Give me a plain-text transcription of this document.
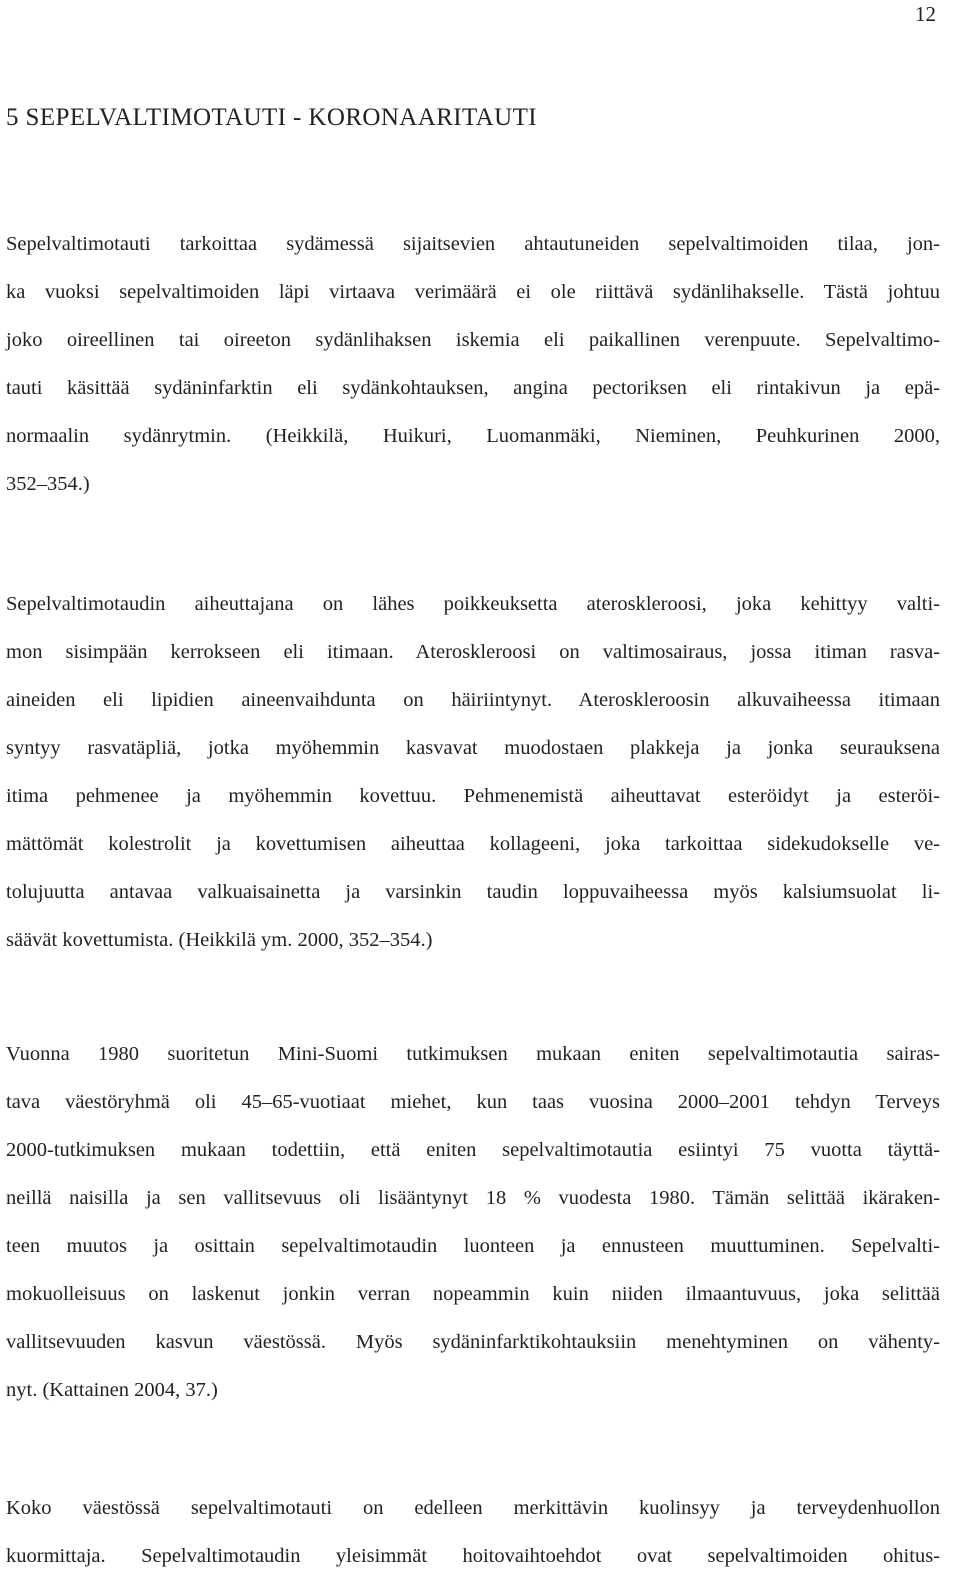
12
5 SEPELVALTIMOTAUTI - KORONAARITAUTI
Sepelvaltimotauti tarkoittaa sydämessä sijaitsevien ahtautuneiden sepelvaltimoiden tilaa, jon-
ka vuoksi sepelvaltimoiden läpi virtaava verimäärä ei ole riittävä sydänlihakselle. Tästä johtuu
joko oireellinen tai oireeton sydänlihaksen iskemia eli paikallinen verenpuute. Sepelvaltimo-
tauti käsittää sydäninfarktin eli sydänkohtauksen, angina pectoriksen eli rintakivun ja epä-
normaalin sydänrytmin. (Heikkilä, Huikuri, Luomanmäki, Nieminen, Peuhkurinen 2000,
352–354.)
Sepelvaltimotaudin aiheuttajana on lähes poikkeuksetta ateroskleroosi, joka kehittyy valti-
mon sisimpään kerrokseen eli itimaan. Ateroskleroosi on valtimosairaus, jossa itiman rasva-
aineiden eli lipidien aineenvaihdunta on häiriintynyt. Ateroskleroosin alkuvaiheessa itimaan
syntyy rasvatäpliä, jotka myöhemmin kasvavat muodostaen plakkeja ja jonka seurauksena
itima pehmenee ja myöhemmin kovettuu. Pehmenemistä aiheuttavat esteröidyt ja esteröi-
mättömät kolestrolit ja kovettumisen aiheuttaa kollageeni, joka tarkoittaa sidekudokselle ve-
tolujuutta antavaa valkuaisainetta ja varsinkin taudin loppuvaiheessa myös kalsiumsuolat li-
säävät kovettumista. (Heikkilä ym. 2000, 352–354.)
Vuonna 1980 suoritetun Mini-Suomi tutkimuksen mukaan eniten sepelvaltimotautia sairas-
tava väestöryhmä oli 45–65-vuotiaat miehet, kun taas vuosina 2000–2001 tehdyn Terveys
2000-tutkimuksen mukaan todettiin, että eniten sepelvaltimotautia esiintyi 75 vuotta täyttä-
neillä naisilla ja sen vallitsevuus oli lisääntynyt 18 % vuodesta 1980. Tämän selittää ikäraken-
teen muutos ja osittain sepelvaltimotaudin luonteen ja ennusteen muuttuminen. Sepelvalti-
mokuolleisuus on laskenut jonkin verran nopeammin kuin niiden ilmaantuvuus, joka selittää
vallitsevuuden kasvun väestössä. Myös sydäninfarktikohtauksiin menehtyminen on vähenty-
nyt. (Kattainen 2004, 37.)
Koko väestössä sepelvaltimotauti on edelleen merkittävin kuolinsyy ja terveydenhuollon
kuormittaja. Sepelvaltimotaudin yleisimmät hoitovaihtoehdot ovat sepelvaltimoiden ohitus-
